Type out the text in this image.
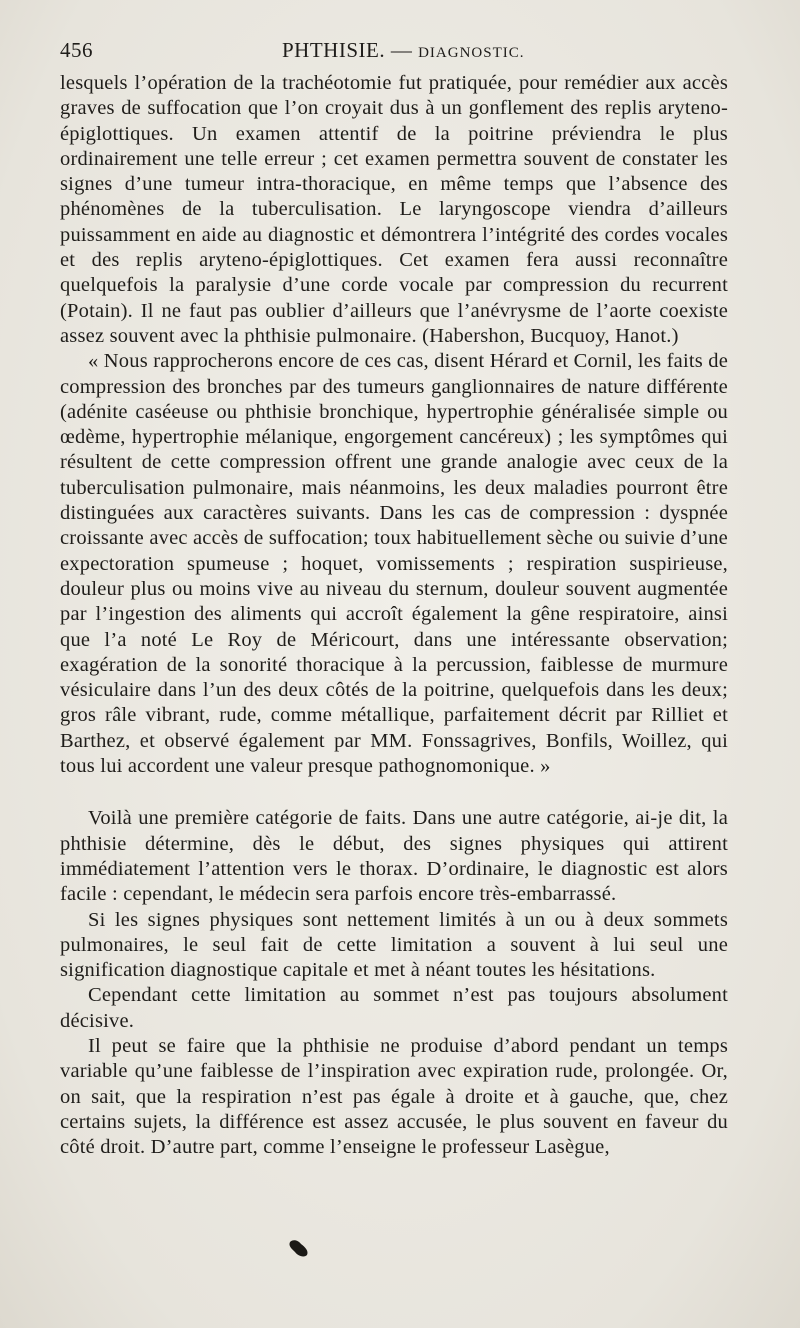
456	PHTHISIE. — DIAGNOSTIC.

lesquels l’opération de la trachéotomie fut pratiquée, pour remédier aux accès graves de suffocation que l’on croyait dus à un gonflement des replis aryteno-épiglottiques. Un examen attentif de la poitrine préviendra le plus ordinairement une telle erreur ; cet examen permettra souvent de constater les signes d’une tumeur intra-thoracique, en même temps que l’absence des phénomènes de la tuberculisation. Le laryngoscope viendra d’ailleurs puissamment en aide au diagnostic et démontrera l’intégrité des cordes vocales et des replis aryteno-épiglottiques. Cet examen fera aussi reconnaître quelquefois la paralysie d’une corde vocale par compression du recurrent (Potain). Il ne faut pas oublier d’ailleurs que l’anévrysme de l’aorte coexiste assez souvent avec la phthisie pulmonaire. (Habershon, Bucquoy, Hanot.)

« Nous rapprocherons encore de ces cas, disent Hérard et Cornil, les faits de compression des bronches par des tumeurs ganglionnaires de nature différente (adénite caséeuse ou phthisie bronchique, hypertrophie généralisée simple ou œdème, hypertrophie mélanique, engorgement cancéreux) ; les symptômes qui résultent de cette compression offrent une grande analogie avec ceux de la tuberculisation pulmonaire, mais néanmoins, les deux maladies pourront être distinguées aux caractères suivants. Dans les cas de compression : dyspnée croissante avec accès de suffocation; toux habituellement sèche ou suivie d’une expectoration spumeuse ; hoquet, vomissements ; respiration suspirieuse, douleur plus ou moins vive au niveau du sternum, douleur souvent augmentée par l’ingestion des aliments qui accroît également la gêne respiratoire, ainsi que l’a noté Le Roy de Méricourt, dans une intéressante observation; exagération de la sonorité thoracique à la percussion, faiblesse de murmure vésiculaire dans l’un des deux côtés de la poitrine, quelquefois dans les deux; gros râle vibrant, rude, comme métallique, parfaitement décrit par Rilliet et Barthez, et observé également par MM. Fonssagrives, Bonfils, Woillez, qui tous lui accordent une valeur presque pathognomonique. »

Voilà une première catégorie de faits. Dans une autre catégorie, ai-je dit, la phthisie détermine, dès le début, des signes physiques qui attirent immédiatement l’attention vers le thorax. D’ordinaire, le diagnostic est alors facile : cependant, le médecin sera parfois encore très-embarrassé.

Si les signes physiques sont nettement limités à un ou à deux sommets pulmonaires, le seul fait de cette limitation a souvent à lui seul une signification diagnostique capitale et met à néant toutes les hésitations.

Cependant cette limitation au sommet n’est pas toujours absolument décisive.

Il peut se faire que la phthisie ne produise d’abord pendant un temps variable qu’une faiblesse de l’inspiration avec expiration rude, prolongée. Or, on sait, que la respiration n’est pas égale à droite et à gauche, que, chez certains sujets, la différence est assez accusée, le plus souvent en faveur du côté droit. D’autre part, comme l’enseigne le professeur Lasègue,
